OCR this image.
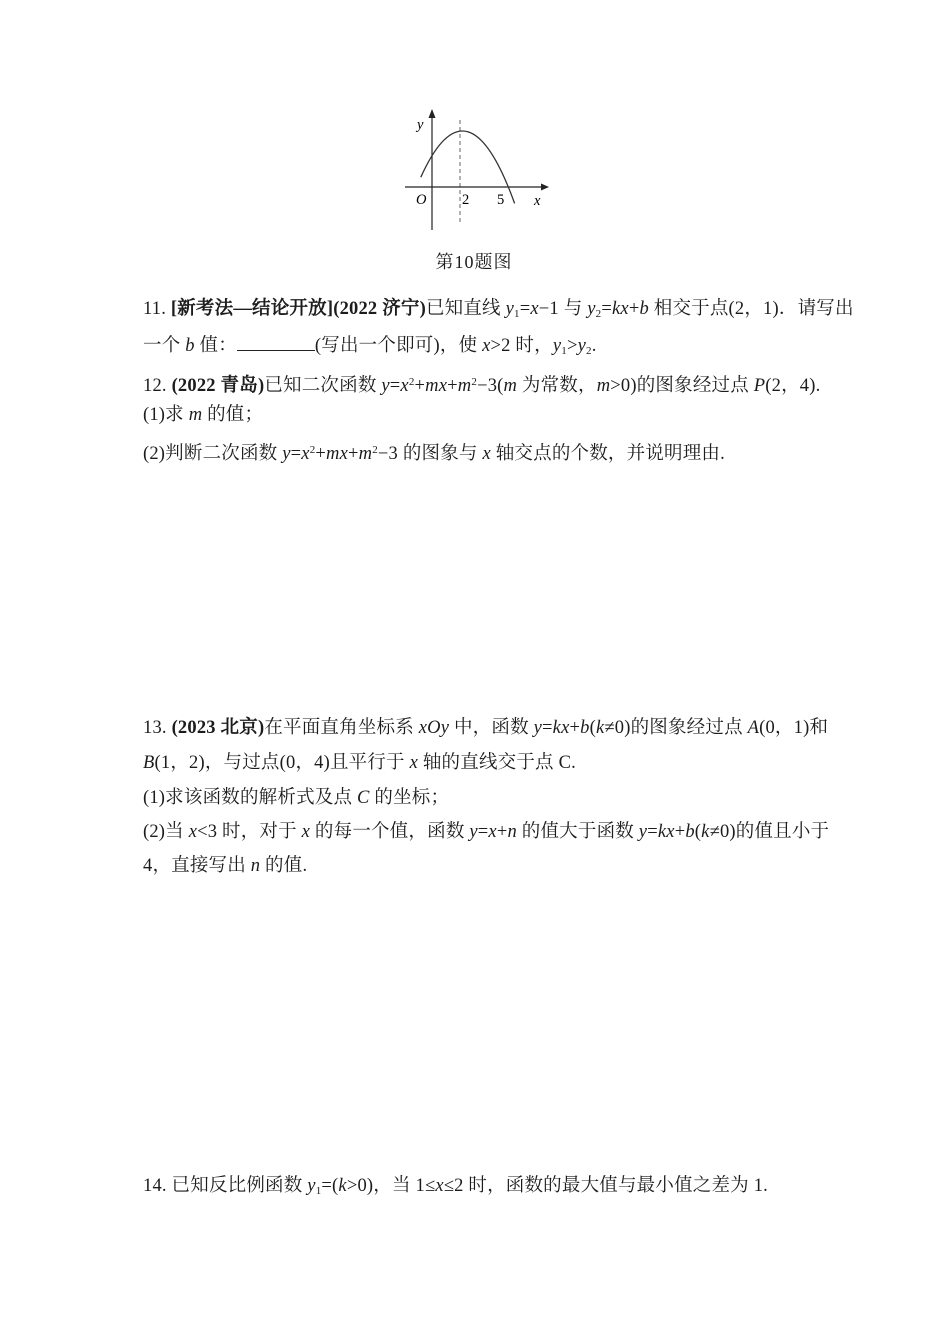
y
x
O 2 5
第10题图
11. [新考法—结论开放](2022 济宁)已知直线 $y_1=x-1$ 与 $y_2=kx+b$ 相交于点(2，1)．请写出
一个 b 值：	(写出一个即可)，使 x>2 时，$y_1>y_2$.
12. (2022 青岛)已知二次函数 $y=x^2+mx+m^2-3(m$ 为常数，m>0)的图象经过点 P(2，4).
(1)求 m 的值；
(2)判断二次函数 $y=x^2+mx+m^2-3$ 的图象与 x 轴交点的个数，并说明理由.
13. (2023 北京)在平面直角坐标系 xOy 中，函数 y=kx+b(k≠0)的图象经过点 A(0，1)和
B(1，2)，与过点(0，4)且平行于 x 轴的直线交于点 C.
(1)求该函数的解析式及点 C 的坐标；
(2)当 x<3 时，对于 x 的每一个值，函数 y=x+n 的值大于函数 y=kx+b(k≠0)的值且小于
4，直接写出 n 的值.
14. 已知反比例函数 $y_1=(k>0)$，当 1≤x≤2 时，函数的最大值与最小值之差为 1.
